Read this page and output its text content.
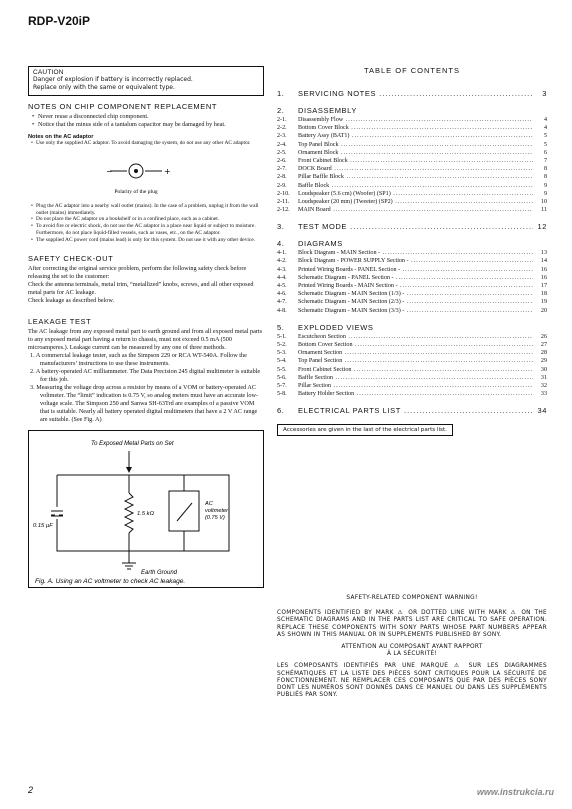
RDP-V20iP
CAUTION
Danger of explosion if battery is incorrectly replaced.
Replace only with the same or equivalent type.
NOTES ON CHIP COMPONENT REPLACEMENT
• Never reuse a disconnected chip component.
• Notice that the minus side of a tantalum capacitor may be damaged by heat.
Notes on the AC adaptor
• Use only the supplied AC adaptor. To avoid damaging the system, do not use any other AC adaptor.
−	+
Polarity of the plug
• Plug the AC adaptor into a nearby wall outlet (mains). In the case of a problem, unplug it from the wall outlet (mains) immediately.
• Do not place the AC adaptor on a bookshelf or in a confined place, such as a cabinet.
• To avoid fire or electric shock, do not use the AC adaptor in a place near liquid or subject to moisture. Furthermore, do not place liquid-filled vessels, such as vases, etc., on the AC adaptor.
• The supplied AC power cord (mains lead) is only for this system. Do not use it with any other device.
SAFETY CHECK-OUT
After correcting the original service problem, perform the following safety check before releasing the set to the customer:
Check the antenna terminals, metal trim, “metallized” knobs, screws, and all other exposed metal parts for AC leakage.
Check leakage as described below.
LEAKAGE TEST
The AC leakage from any exposed metal part to earth ground and from all exposed metal parts to any exposed metal part having a return to chassis, must not exceed 0.5 mA (500 microamperes.). Leakage current can be measured by any one of three methods.
1. A commercial leakage tester, such as the Simpson 229 or RCA WT-540A. Follow the manufacturers’ instructions to use these instruments.
2. A battery-operated AC milliammeter. The Data Precision 245 digital multimeter is suitable for this job.
3. Measuring the voltage drop across a resistor by means of a VOM or battery-operated AC voltmeter. The “limit” indication is 0.75 V, so analog meters must have an accurate low-voltage scale. The Simpson 250 and Sanwa SH-63Trd are examples of a passive VOM that is suitable. Nearly all battery operated digital multimeters that have a 2 V AC range are suitable. (See Fig. A)
To Exposed Metal Parts on Set
0.15 µF
1.5 kΩ
AC voltmeter (0.75 V)
Earth Ground
Fig. A. Using an AC voltmeter to check AC leakage.
TABLE OF CONTENTS
1.	SERVICING NOTES .....	3
2.	DISASSEMBLY
2-1.	Disassembly Flow .....	4
2-2.	Bottom Cover Block .....	4
2-3.	Battery Assy (BAT1) .....	5
2-4.	Top Panel Block .....	5
2-5.	Ornament Block .....	6
2-6.	Front Cabinet Block .....	7
2-7.	DOCK Board .....	8
2-8.	Pillar Baffle Block .....	8
2-9.	Baffle Block .....	9
2-10.	Loudspeaker (5.6 cm) (Woofer) (SP1) .....	9
2-11.	Loudspeaker (20 mm) (Tweeter) (SP2) .....	10
2-12.	MAIN Board .....	11
3.	TEST MODE .....	12
4.	DIAGRAMS
4-1.	Block Diagram - MAIN Section - .....	13
4-2.	Block Diagram - POWER SUPPLY Section - .....	14
4-3.	Printed Wiring Boards - PANEL Section - .....	16
4-4.	Schematic Diagram - PANEL Section - .....	16
4-5.	Printed Wiring Boards - MAIN Section - .....	17
4-6.	Schematic Diagram - MAIN Section (1/3) - .....	18
4-7.	Schematic Diagram - MAIN Section (2/3) - .....	19
4-8.	Schematic Diagram - MAIN Section (3/3) - .....	20
5.	EXPLODED VIEWS
5-1.	Escutcheon Section .....	26
5-2.	Bottom Cover Section .....	27
5-3.	Ornament Section .....	28
5-4.	Top Panel Section .....	29
5-5.	Front Cabinet Section .....	30
5-6.	Baffle Section .....	31
5-7.	Pillar Section .....	32
5-8.	Battery Holder Section .....	33
6.	ELECTRICAL PARTS LIST .....	34
Accessories are given in the last of the electrical parts list.
SAFETY-RELATED COMPONENT WARNING!
COMPONENTS IDENTIFIED BY MARK ⚠ OR DOTTED LINE WITH MARK ⚠ ON THE SCHEMATIC DIAGRAMS AND IN THE PARTS LIST ARE CRITICAL TO SAFE OPERATION. REPLACE THESE COMPONENTS WITH SONY PARTS WHOSE PART NUMBERS APPEAR AS SHOWN IN THIS MANUAL OR IN SUPPLEMENTS PUBLISHED BY SONY.
ATTENTION AU COMPOSANT AYANT RAPPORT
À LA SÉCURITÉ!
LES COMPOSANTS IDENTIFIÉS PAR UNE MARQUE ⚠ SUR LES DIAGRAMMES SCHÉMATIQUES ET LA LISTE DES PIÈCES SONT CRITIQUES POUR LA SÉCURITÉ DE FONCTIONNEMENT. NE REMPLACER CES COMPOSANTS QUE PAR DES PIÈCES SONY DONT LES NUMÉROS SONT DONNÉS DANS CE MANUEL OU DANS LES SUPPLÉMENTS PUBLIÉS PAR SONY.
2	www.instrukcia.ru
